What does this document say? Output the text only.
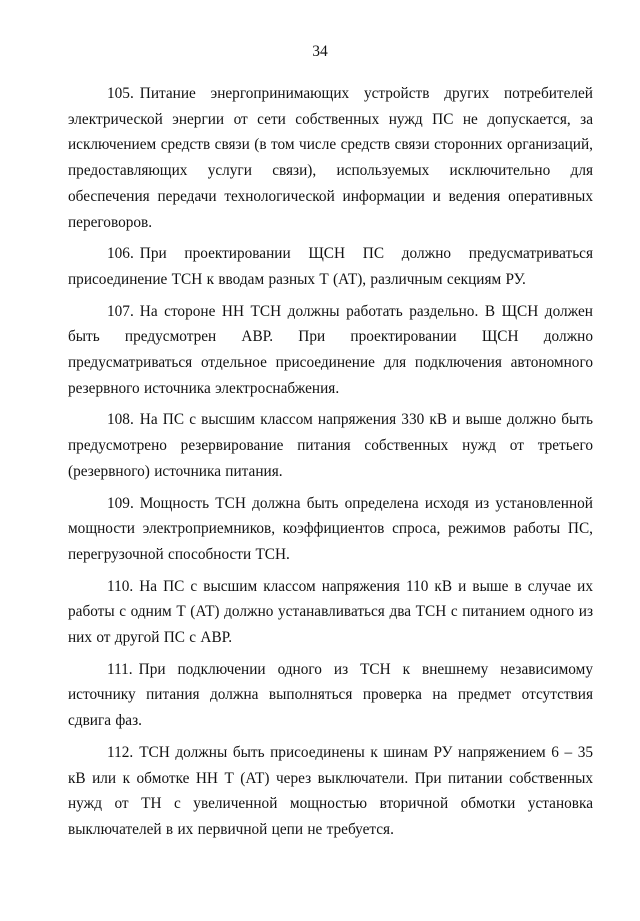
34

105. Питание энергопринимающих устройств других потребителей электрической энергии от сети собственных нужд ПС не допускается, за исключением средств связи (в том числе средств связи сторонних организаций, предоставляющих услуги связи), используемых исключительно для обеспечения передачи технологической информации и ведения оперативных переговоров.

106. При проектировании ЩСН ПС должно предусматриваться присоединение ТСН к вводам разных Т (АТ), различным секциям РУ.

107. На стороне НН ТСН должны работать раздельно. В ЩСН должен быть предусмотрен АВР. При проектировании ЩСН должно предусматриваться отдельное присоединение для подключения автономного резервного источника электроснабжения.

108. На ПС с высшим классом напряжения 330 кВ и выше должно быть предусмотрено резервирование питания собственных нужд от третьего (резервного) источника питания.

109. Мощность ТСН должна быть определена исходя из установленной мощности электроприемников, коэффициентов спроса, режимов работы ПС, перегрузочной способности ТСН.

110. На ПС с высшим классом напряжения 110 кВ и выше в случае их работы с одним Т (АТ) должно устанавливаться два ТСН с питанием одного из них от другой ПС с АВР.

111. При подключении одного из ТСН к внешнему независимому источнику питания должна выполняться проверка на предмет отсутствия сдвига фаз.

112. ТСН должны быть присоединены к шинам РУ напряжением 6 – 35 кВ или к обмотке НН Т (АТ) через выключатели. При питании собственных нужд от ТН с увеличенной мощностью вторичной обмотки установка выключателей в их первичной цепи не требуется.
